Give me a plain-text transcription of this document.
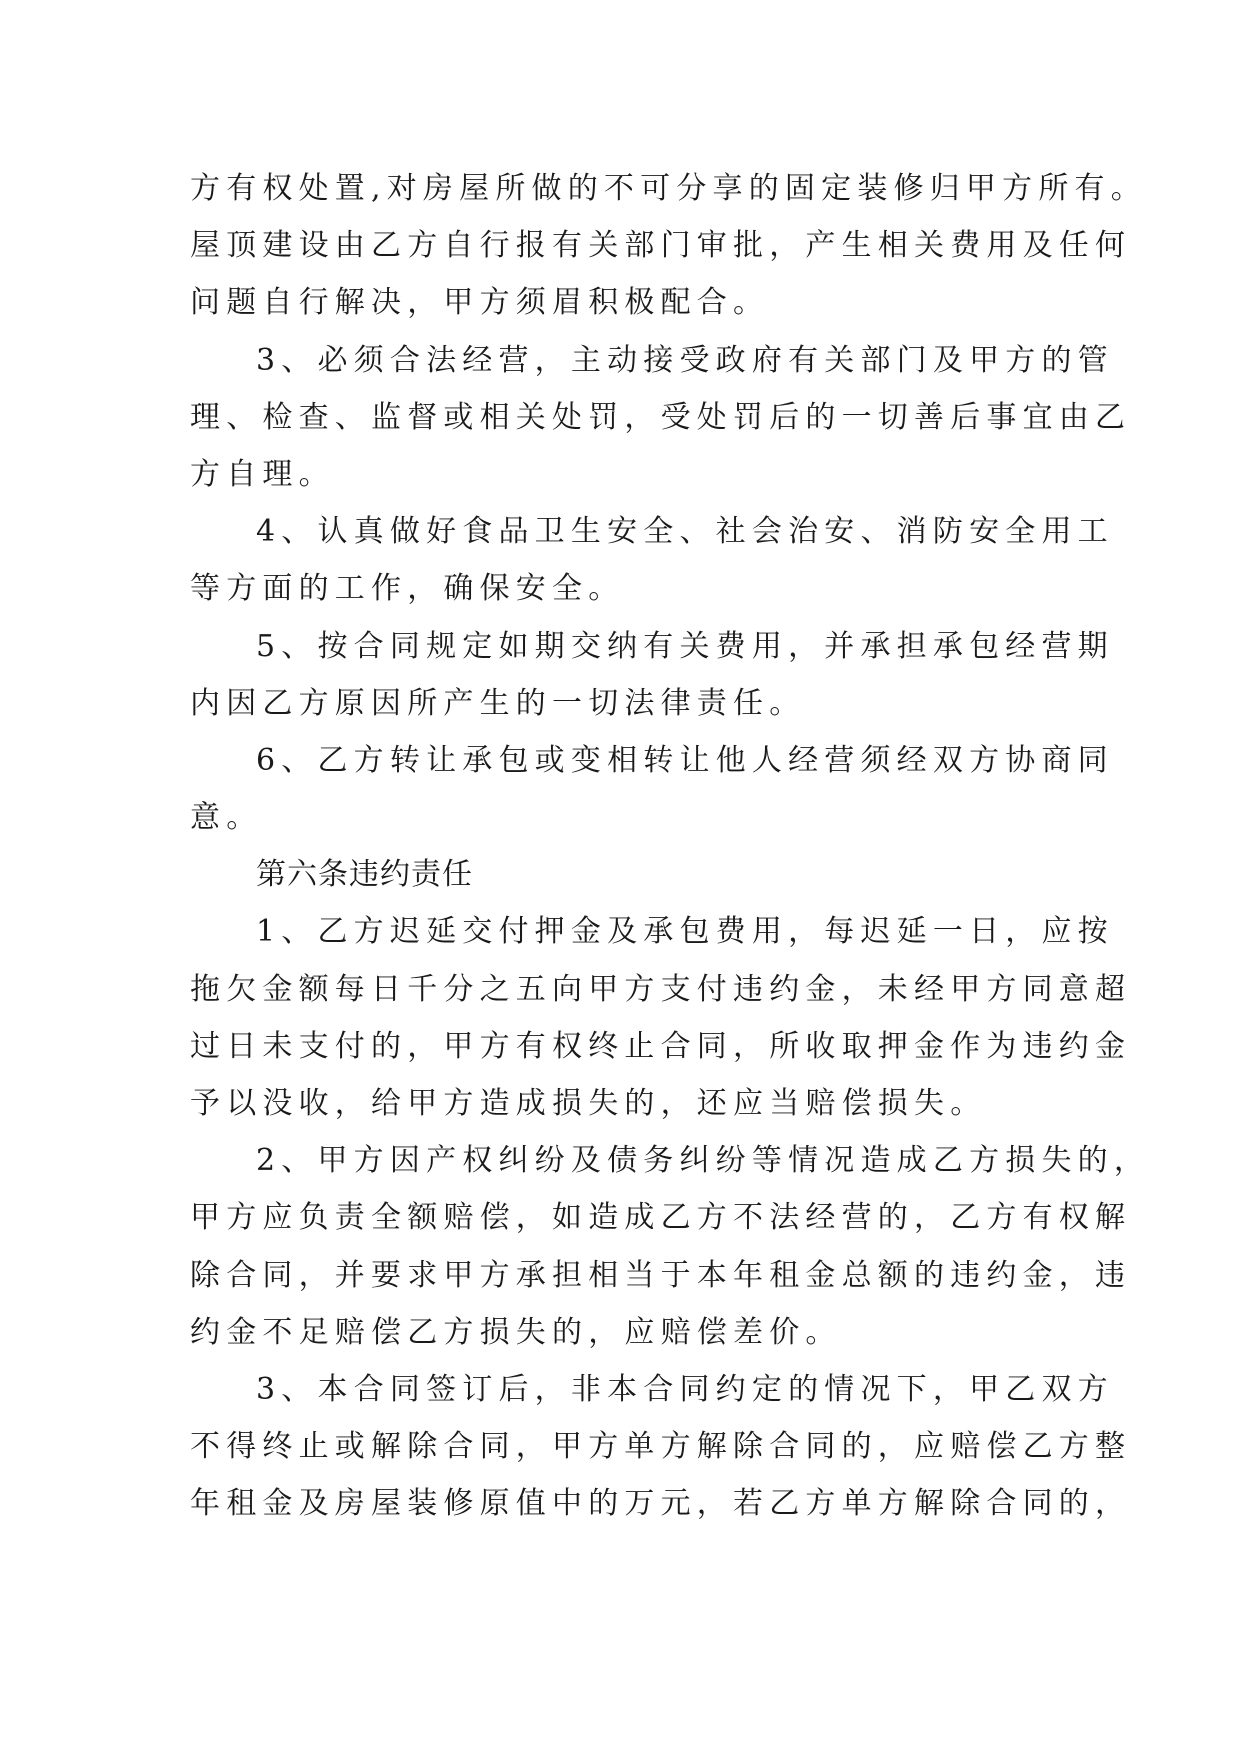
方有权处置,对房屋所做的不可分享的固定装修归甲方所有。
屋顶建设由乙方自行报有关部门审批，产生相关费用及任何
问题自行解决，甲方须眉积极配合。
3、必须合法经营，主动接受政府有关部门及甲方的管
理、检查、监督或相关处罚，受处罚后的一切善后事宜由乙
方自理。
4、认真做好食品卫生安全、社会治安、消防安全用工
等方面的工作，确保安全。
5、按合同规定如期交纳有关费用，并承担承包经营期
内因乙方原因所产生的一切法律责任。
6、乙方转让承包或变相转让他人经营须经双方协商同
意。
第六条违约责任
1、乙方迟延交付押金及承包费用，每迟延一日，应按
拖欠金额每日千分之五向甲方支付违约金，未经甲方同意超
过日未支付的，甲方有权终止合同，所收取押金作为违约金
予以没收，给甲方造成损失的，还应当赔偿损失。
2、甲方因产权纠纷及债务纠纷等情况造成乙方损失的，
甲方应负责全额赔偿，如造成乙方不法经营的，乙方有权解
除合同，并要求甲方承担相当于本年租金总额的违约金，违
约金不足赔偿乙方损失的，应赔偿差价。
3、本合同签订后，非本合同约定的情况下，甲乙双方
不得终止或解除合同，甲方单方解除合同的，应赔偿乙方整
年租金及房屋装修原值中的万元，若乙方单方解除合同的，
